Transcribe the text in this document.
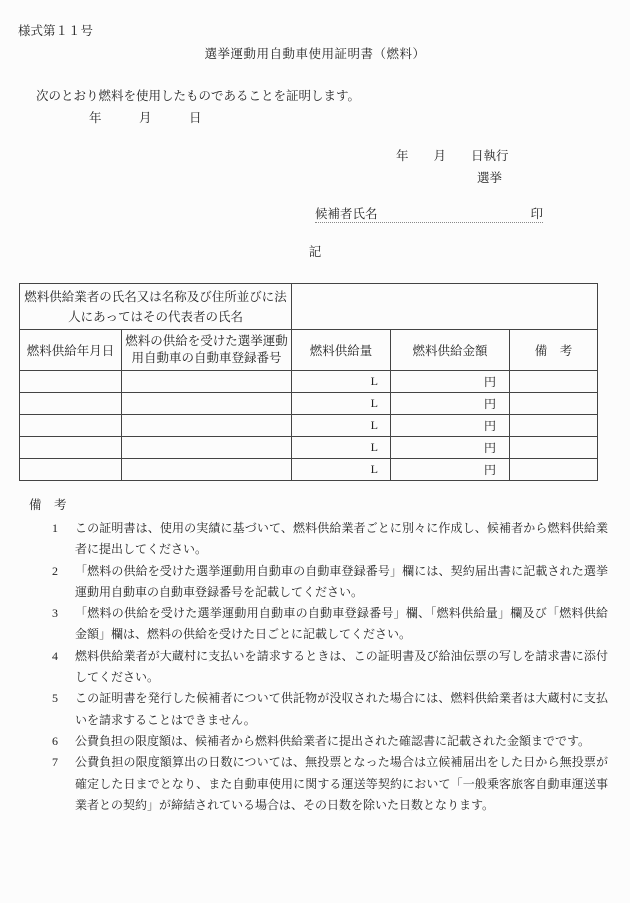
様式第１１号
選挙運動用自動車使用証明書（燃料）
次のとおり燃料を使用したものであることを証明します。
年　　　月　　　日
年　　月　　日執行
選挙
候補者氏名	印
記
燃料供給業者の氏名又は名称及び住所並びに法
人にあってはその代表者の氏名				

燃料供給年月日	燃料の供給を受けた選挙運動
用自動車の自動車登録番号	燃料供給量	燃料供給金額	備　考
		L	円	
		L	円	
		L	円	
		L	円	
		L	円	
備　考
1 この証明書は、使用の実績に基づいて、燃料供給業者ごとに別々に作成し、候補者から燃料供給業者に提出してください。
2 「燃料の供給を受けた選挙運動用自動車の自動車登録番号」欄には、契約届出書に記載された選挙運動用自動車の自動車登録番号を記載してください。
3 「燃料の供給を受けた選挙運動用自動車の自動車登録番号」欄、「燃料供給量」欄及び「燃料供給金額」欄は、燃料の供給を受けた日ごとに記載してください。
4 燃料供給業者が大蔵村に支払いを請求するときは、この証明書及び給油伝票の写しを請求書に添付してください。
5 この証明書を発行した候補者について供託物が没収された場合には、燃料供給業者は大蔵村に支払いを請求することはできません。
6 公費負担の限度額は、候補者から燃料供給業者に提出された確認書に記載された金額までです。
7 公費負担の限度額算出の日数については、無投票となった場合は立候補届出をした日から無投票が確定した日までとなり、また自動車使用に関する運送等契約において「一般乗客旅客自動車運送事業者との契約」が締結されている場合は、その日数を除いた日数となります。
